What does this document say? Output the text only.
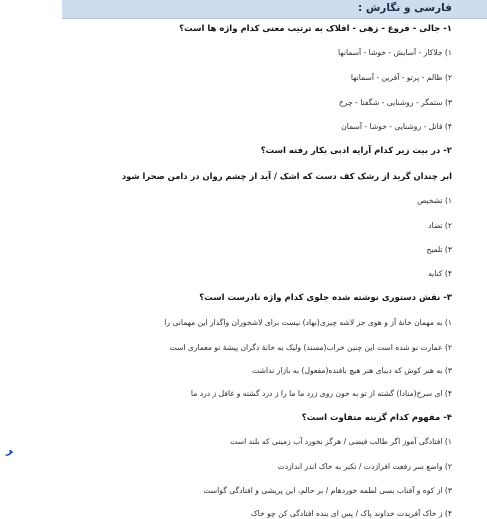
فارسی و نگارش :
۱- جالی - فروغ - زهی - افلاک به ترتیب معنی کدام واژه ها است؟
۱) جلاکار - آسایش - خوشا - آسمانها
۲) ظالم - پرتو - آفرین - آسمانها
۳) ستمگر - روشنایی - شگفتا - چرخ
۴) قاتل - روشنایی - خوشا - آسمان
۲- در بیت زیر کدام آرایه ادبی بکار رفته است؟
ابر چندان گرید از رشک کف دست که اشک / آید از چشم روان در دامن صحرا شود
۱) تشخیص
۲) تضاد
۳) تلمیح
۴) کنایه
۳- نقش دستوری نوشته شده جلوی کدام واژه نادرست است؟
۱) به مهمان خانهٔ آز و هوی جز لاشه چیزی(نهاد) نیست برای لاشخوران واگذار این مهمانی را
۲) عمارت نو شده است این چنین خراب(مسند) ولیک به خانهٔ دگران پیشهٔ تو معماری است
۳) به هنر کوش که دیبای هنر هیچ بافنده(مفعول) به بازار نداشت
۴) ای سرخ(منادا) گشته از تو به خون روی زرد ما ما را ز درد گشته و غافل ز درد ما
۴- مفهوم کدام گزینه متفاوت است؟
۱) افتادگی آموز اگر طالب فیضی / هرگز نخورد آب زمینی که بلند است
۲) واضع سر رفعت افرازدت / تکبر به خاک اندر اندازدت
۳) از کوه و آفتاب بسی لطمه خوردهام / بر حالم، این پریشی و افتادگی گواست
۴) ز خاک آفریدت خداوند پاک / پس ای بنده افتادگی کن چو خاک
ﺮ
